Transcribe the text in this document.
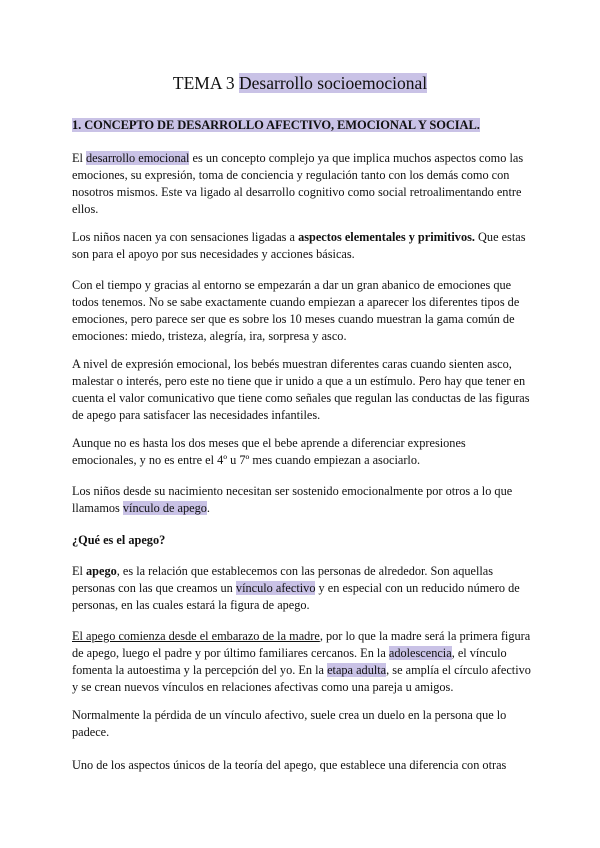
TEMA 3 Desarrollo socioemocional
1. CONCEPTO DE DESARROLLO AFECTIVO, EMOCIONAL Y SOCIAL.

El desarrollo emocional es un concepto complejo ya que implica muchos aspectos como las emociones, su expresión, toma de conciencia y regulación tanto con los demás como con nosotros mismos. Este va ligado al desarrollo cognitivo como social retroalimentando entre ellos.

Los niños nacen ya con sensaciones ligadas a aspectos elementales y primitivos. Que estas son para el apoyo por sus necesidades y acciones básicas.

Con el tiempo y gracias al entorno se empezarán a dar un gran abanico de emociones que todos tenemos. No se sabe exactamente cuando empiezan a aparecer los diferentes tipos de emociones, pero parece ser que es sobre los 10 meses cuando muestran la gama común de emociones: miedo, tristeza, alegría, ira, sorpresa y asco.

A nivel de expresión emocional, los bebés muestran diferentes caras cuando sienten asco, malestar o interés, pero este no tiene que ir unido a que a un estímulo. Pero hay que tener en cuenta el valor comunicativo que tiene como señales que regulan las conductas de las figuras de apego para satisfacer las necesidades infantiles.

Aunque no es hasta los dos meses que el bebe aprende a diferenciar expresiones emocionales, y no es entre el 4º u 7º mes cuando empiezan a asociarlo.

Los niños desde su nacimiento necesitan ser sostenido emocionalmente por otros a lo que llamamos vínculo de apego.

¿Qué es el apego?

El apego, es la relación que establecemos con las personas de alrededor. Son aquellas personas con las que creamos un vínculo afectivo y en especial con un reducido número de personas, en las cuales estará la figura de apego.

El apego comienza desde el embarazo de la madre, por lo que la madre será la primera figura de apego, luego el padre y por último familiares cercanos. En la adolescencia, el vínculo fomenta la autoestima y la percepción del yo. En la etapa adulta, se amplía el círculo afectivo y se crean nuevos vínculos en relaciones afectivas como una pareja u amigos.

Normalmente la pérdida de un vínculo afectivo, suele crea un duelo en la persona que lo padece.

Uno de los aspectos únicos de la teoría del apego, que establece una diferencia con otras
